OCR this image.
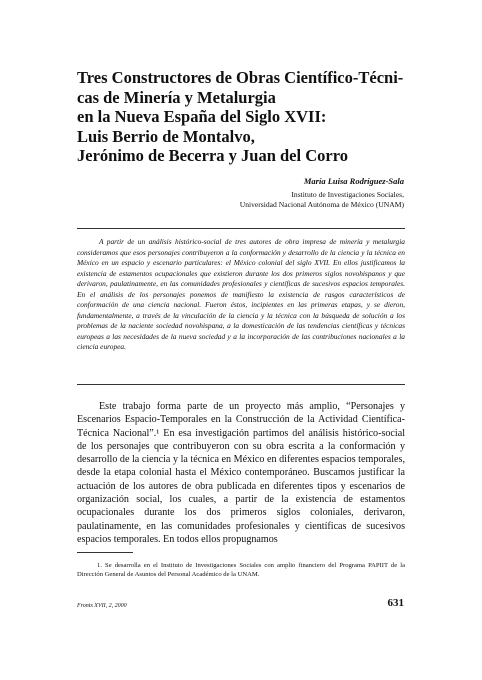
Tres Constructores de Obras Científico-Técni-
cas de Minería y Metalurgia
en la Nueva España del Siglo XVII:
Luis Berrio de Montalvo,
Jerónimo de Becerra y Juan del Corro
María Luisa Rodríguez-Sala
Instituto de Investigaciones Sociales,
Universidad Nacional Autónoma de México (UNAM)

A partir de un análisis histórico-social de tres autores de obra impresa de minería y metalurgia consideramos que esos personajes contribuyeron a la conformación y desarrollo de la ciencia y la técnica en México en un espacio y escenario particulares: el México colonial del siglo XVII. En ellos justificamos la existencia de estamentos ocupacionales que existieron durante los dos primeros siglos novohispanos y que derivaron, paulatinamente, en las comunidades profesionales y científicas de sucesivos espacios temporales. En el análisis de los personajes ponemos de manifiesto la existencia de rasgos característicos de conformación de una ciencia nacional. Fueron éstos, incipientes en las primeras etapas, y se dieron, fundamentalmente, a través de la vinculación de la ciencia y la técnica con la búsqueda de solución a los problemas de la naciente sociedad novohispana, a la domesticación de las tendencias científicas y técnicas europeas a las necesidades de la nueva sociedad y a la incorporación de las contribuciones nacionales a la ciencia europea.

Este trabajo forma parte de un proyecto más amplio, “Personajes y Escenarios Espacio-Temporales en la Construcción de la Actividad Científica-Técnica Nacional”.¹ En esa investigación partimos del análisis histórico-social de los personajes que contribuyeron con su obra escrita a la conformación y desarrollo de la ciencia y la técnica en México en diferentes espacios temporales, desde la etapa colonial hasta el México contemporáneo. Buscamos justificar la actuación de los autores de obra publicada en diferentes tipos y escenarios de organización social, los cuales, a partir de la existencia de estamentos ocupacionales durante los dos primeros siglos coloniales, derivaron, paulatinamente, en las comunidades profesionales y científicas de sucesivos espacios temporales. En todos ellos propugnamos

1. Se desarrolla en el Instituto de Investigaciones Sociales con amplio financiero del Programa PAPIIT de la Dirección General de Asuntos del Personal Académico de la UNAM.

Fronts XVII, 2, 2000	631
